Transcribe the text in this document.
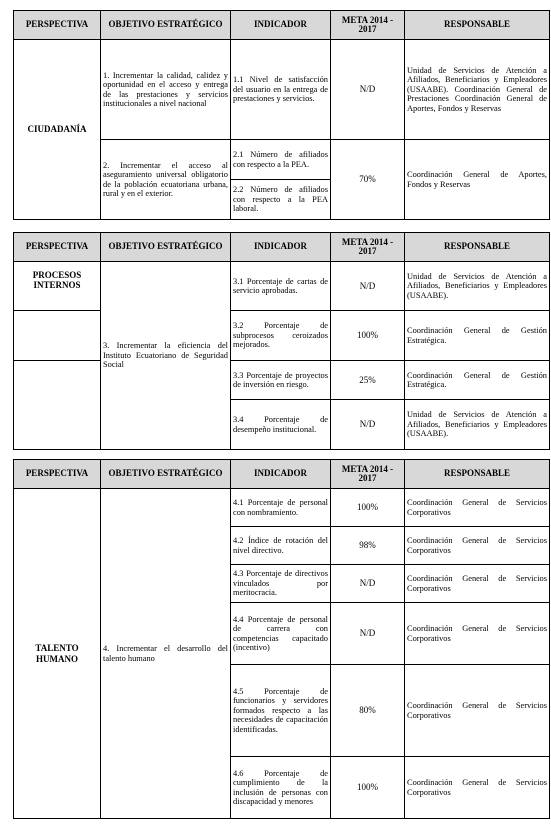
PERSPECTIVA	OBJETIVO ESTRATÉGICO	INDICADOR	META 2014 - 2017	RESPONSABLE
CIUDADANÍA	1. Incrementar la calidad, calidez y oportunidad en el acceso y entrega de las prestaciones y servicios institucionales a nivel nacional	1.1 Nivel de satisfacción del usuario en la entrega de prestaciones y servicios.	N/D	Unidad de Servicios de Atención a Afiliados, Beneficiarios y Empleadores (USAABE). Coordinación General de Prestaciones Coordinación General de Aportes, Fondos y Reservas
	2. Incrementar el acceso al aseguramiento universal obligatorio de la población ecuatoriana urbana, rural y en el exterior.	2.1 Número de afiliados con respecto a la PEA.	70%	Coordinación General de Aportes, Fondos y Reservas
		2.2 Número de afiliados con respecto a la PEA laboral.		
PERSPECTIVA	OBJETIVO ESTRATÉGICO	INDICADOR	META 2014 - 2017	RESPONSABLE
PROCESOS INTERNOS	3. Incrementar la eficiencia del Instituto Ecuatoriano de Seguridad Social	3.1 Porcentaje de cartas de servicio aprobadas.	N/D	Unidad de Servicios de Atención a Afiliados, Beneficiarios y Empleadores (USAABE).
		3.2 Porcentaje de subprocesos ceroizados mejorados.	100%	Coordinación General de Gestión Estratégica.
		3.3 Porcentaje de proyectos de inversión en riesgo.	25%	Coordinación General de Gestión Estratégica.
		3.4 Porcentaje de desempeño institucional.	N/D	Unidad de Servicios de Atención a Afiliados, Beneficiarios y Empleadores (USAABE).
PERSPECTIVA	OBJETIVO ESTRATÉGICO	INDICADOR	META 2014 - 2017	RESPONSABLE
TALENTO HUMANO	4. Incrementar el desarrollo del talento humano	4.1 Porcentaje de personal con nombramiento.	100%	Coordinación General de Servicios Corporativos
		4.2 Índice de rotación del nivel directivo.	98%	Coordinación General de Servicios Corporativos
		4.3 Porcentaje de directivos vinculados por meritocracia.	N/D	Coordinación General de Servicios Corporativos
		4.4 Porcentaje de personal de carrera con competencias capacitado (incentivo)	N/D	Coordinación General de Servicios Corporativos
		4.5 Porcentaje de funcionarios y servidores formados respecto a las necesidades de capacitación identificadas.	80%	Coordinación General de Servicios Corporativos
		4.6 Porcentaje de cumplimiento de la inclusión de personas con discapacidad y menores	100%	Coordinación General de Servicios Corporativos
